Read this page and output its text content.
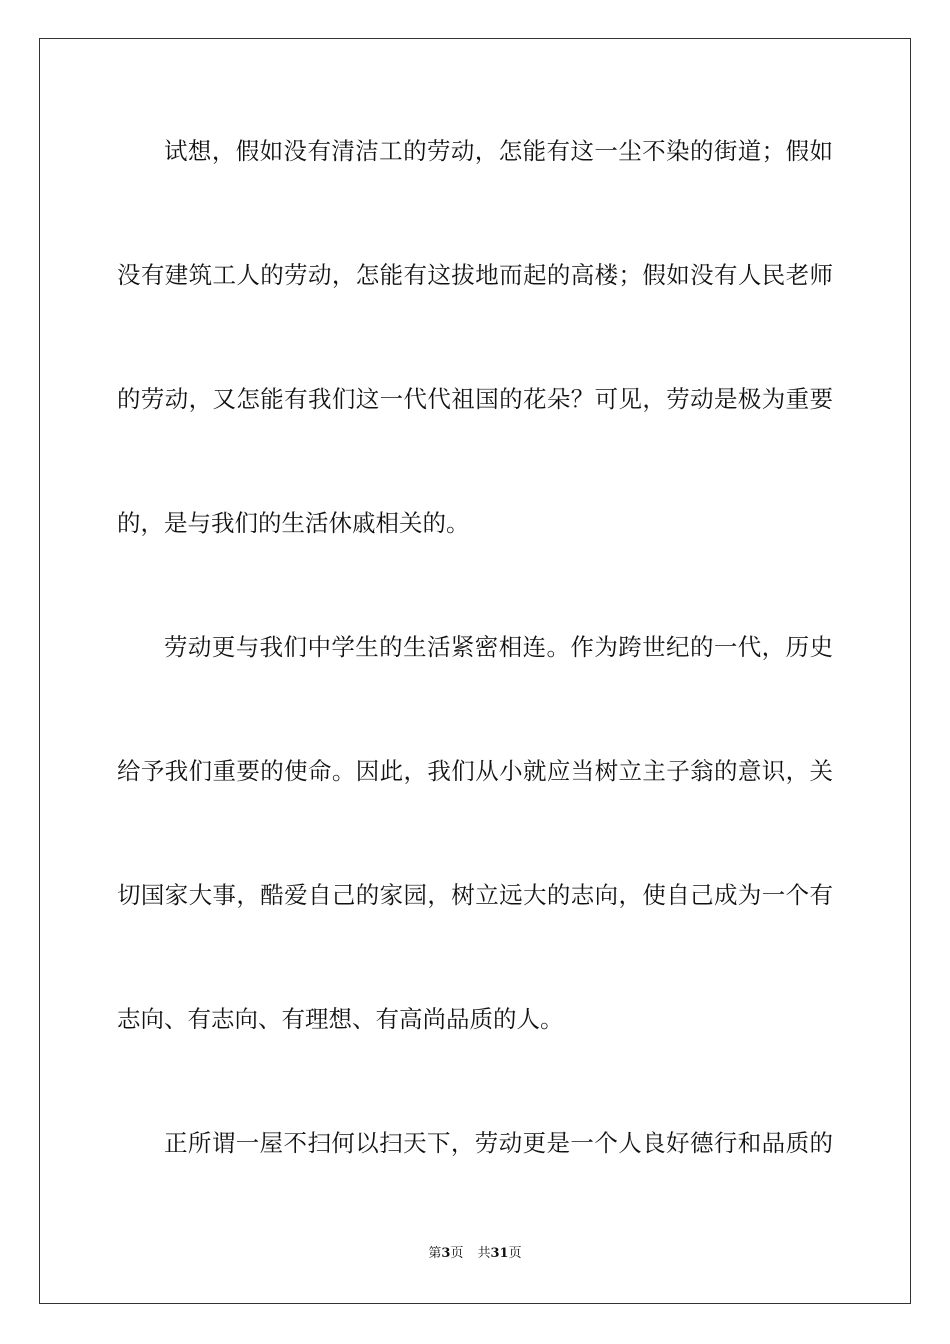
试想，假如没有清洁工的劳动，怎能有这一尘不染的街道；假如
没有建筑工人的劳动，怎能有这拔地而起的高楼；假如没有人民老师
的劳动，又怎能有我们这一代代祖国的花朵？可见，劳动是极为重要
的，是与我们的生活休戚相关的。
劳动更与我们中学生的生活紧密相连。作为跨世纪的一代，历史
给予我们重要的使命。因此，我们从小就应当树立主子翁的意识，关
切国家大事，酷爱自己的家园，树立远大的志向，使自己成为一个有
志向、有志向、有理想、有高尚品质的人。
正所谓一屋不扫何以扫天下，劳动更是一个人良好德行和品质的
第3页 共31页
